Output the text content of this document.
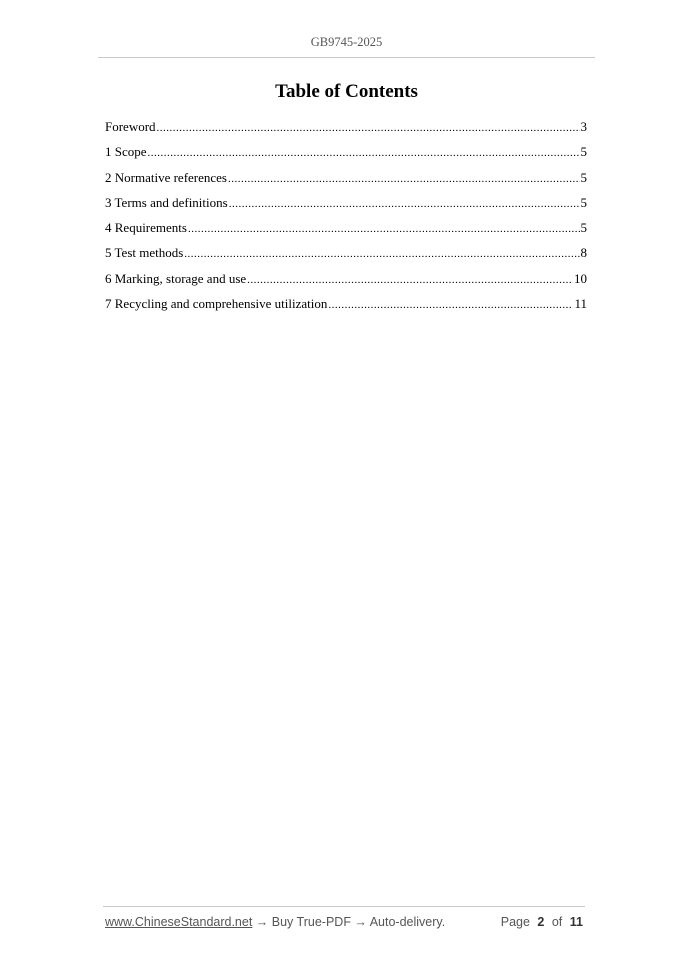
GB9745-2025
Table of Contents
Foreword .....	3
1 Scope .....	5
2 Normative references .....	5
3 Terms and definitions .....	5
4 Requirements .....	5
5 Test methods .....	8
6 Marking, storage and use .....	10
7 Recycling and comprehensive utilization .....	11
www.ChineseStandard.net → Buy True-PDF → Auto-delivery.	Page 2 of 11
